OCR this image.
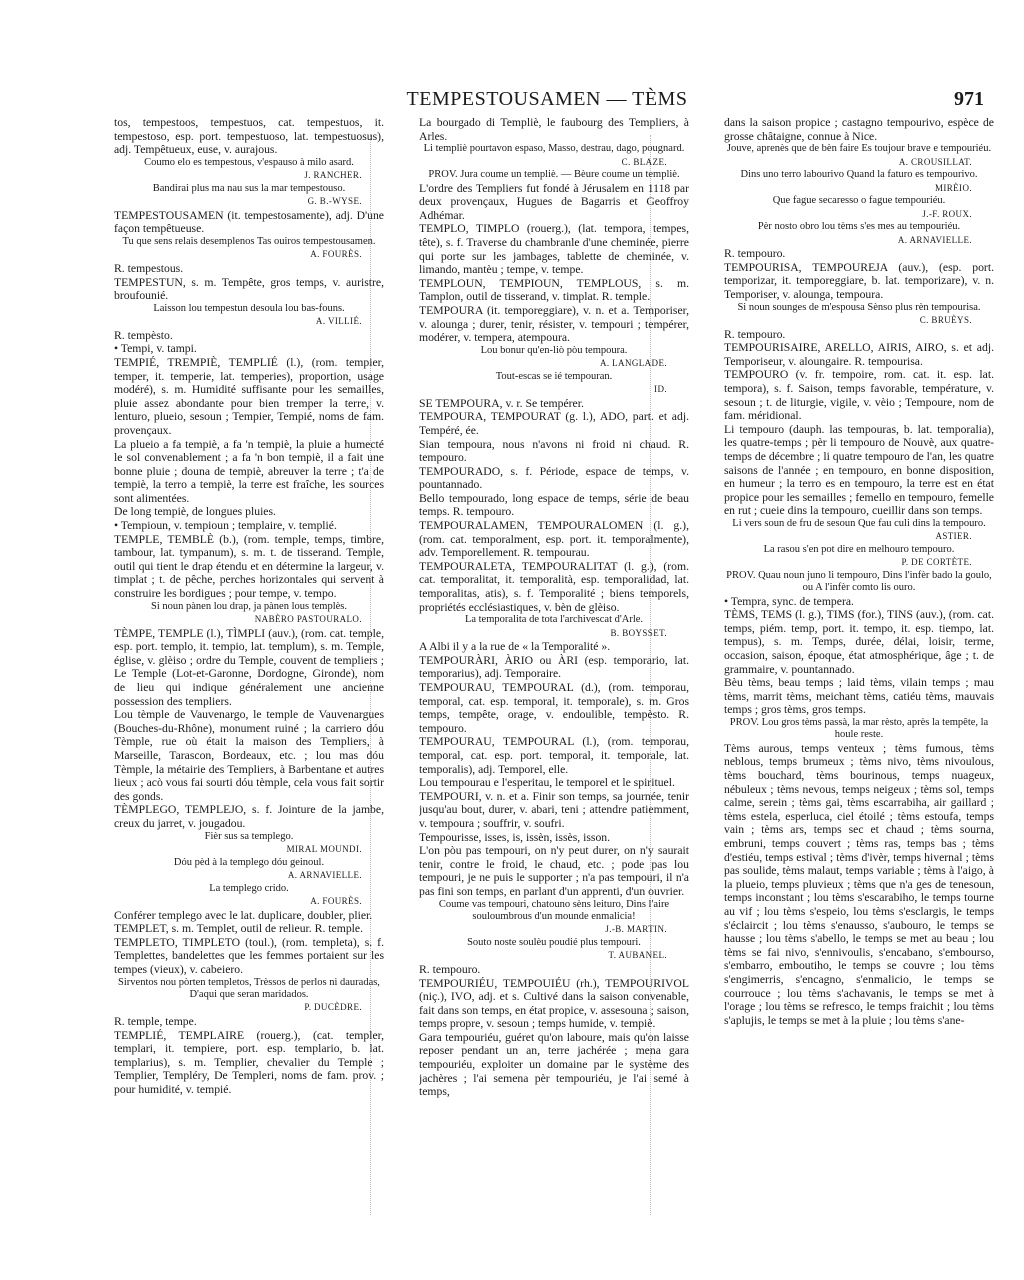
TEMPESTOUSAMEN — TÈMS	971

tos, tempestoos, tempestuos, cat. tempestuos, it. tempestoso, esp. port. tempestuoso, lat. tempestuosus), adj. Tempêtueux, euse, v. aurajous.

Coumo elo es tempestous, v'espauso à milo asard.

J. RANCHER.

Bandirai plus ma nau sus la mar tempestouso.

G. B.-WYSE.

TEMPESTOUSAMEN (it. tempestosamente), adj. D'une façon tempêtueuse.

Tu que sens relais desemplenos Tas ouiros tempestousamen.

A. FOURÈS.

R. tempestous.

TEMPESTUN, s. m. Tempête, gros temps, v. auristre, broufounié.

Laisson lou tempestun desoula lou bas-founs.

A. VILLIÉ.

R. tempèsto.

• Tempi, v. tampi.

TEMPIÉ, TREMPIÈ, TEMPLIÉ (l.), (rom. tempier, temper, it. temperie, lat. temperies), proportion, usage modéré), s. m. Humidité suffisante pour les semailles, pluie assez abondante pour bien tremper la terre, v. lenturo, plueio, sesoun ; Tempier, Tempié, noms de fam. provençaux.

La plueio a fa tempiè, a fa 'n tempiè, la pluie a humecté le sol convenablement ; a fa 'n bon tempiè, il a fait une bonne pluie ; douna de tempiè, abreuver la terre ; t'a de tempiè, la terro a tempiè, la terre est fraîche, les sources sont alimentées.

De long tempiè, de longues pluies.

• Tempioun, v. tempioun ; templaire, v. templié.

TEMPLE, TEMBLÈ (b.), (rom. temple, temps, timbre, tambour, lat. tympanum), s. m. t. de tisserand. Temple, outil qui tient le drap étendu et en détermine la largeur, v. timplat ; t. de pêche, perches horizontales qui servent à construire les bordigues ; pour tempe, v. tempo.

Si noun pànen lou drap, ja pànen lous templès.

NABÈRO PASTOURALO.

TÈMPE, TEMPLE (l.), TÌMPLI (auv.), (rom. cat. temple, esp. port. templo, it. tempio, lat. templum), s. m. Temple, église, v. glèiso ; ordre du Temple, couvent de templiers ; Le Temple (Lot-et-Garonne, Dordogne, Gironde), nom de lieu qui indique généralement une ancienne possession des templiers.

Lou tèmple de Vauvenargo, le temple de Vauvenargues (Bouches-du-Rhône), monument ruiné ; la carriero dóu Tèmple, rue où était la maison des Templiers, à Marseille, Tarascon, Bordeaux, etc. ; lou mas dóu Tèmple, la métairie des Templiers, à Barbentane et autres lieux ; acò vous fai sourti dóu tèmple, cela vous fait sortir des gonds.

TÈMPLEGO, TEMPLEJO, s. f. Jointure de la jambe, creux du jarret, v. jougadou.

Fièr sus sa templego.

MIRAL MOUNDI.

Dóu pèd à la templego dóu geinoul.

A. ARNAVIELLE.

La templego crido.

A. FOURÈS.

Conférer templego avec le lat. duplicare, doubler, plier.

TEMPLET, s. m. Templet, outil de relieur. R. temple.

TEMPLETO, TIMPLETO (toul.), (rom. templeta), s. f. Templettes, bandelettes que les femmes portaient sur les tempes (vieux), v. cabeiero.

Sirventos nou pòrten templetos, Trèssos de perlos ni dauradas, D'aqui que seran maridados.

P. DUCÈDRE.

R. temple, tempe.

TEMPLIÉ, TEMPLAIRE (rouerg.), (cat. templer, templari, it. tempiere, port. esp. templario, b. lat. templarius), s. m. Templier, chevalier du Temple ; Templier, Templéry, De Templeri, noms de fam. prov. ; pour humidité, v. tempié.

La bourgado di Templiè, le faubourg des Templiers, à Arles.

Li templiè pourtavon espaso, Masso, destrau, dago, pougnard.

C. BLAZE.

PROV. Jura coume un templiè. — Bèure coume un templiè.

L'ordre des Templiers fut fondé à Jérusalem en 1118 par deux provençaux, Hugues de Bagarris et Geoffroy Adhémar.

TEMPLO, TIMPLO (rouerg.), (lat. tempora, tempes, tête), s. f. Traverse du chambranle d'une cheminée, pierre qui porte sur les jambages, tablette de cheminée, v. limando, mantèu ; tempe, v. tempe.

TEMPLOUN, TEMPIOUN, TEMPLOUS, s. m. Tamplon, outil de tisserand, v. timplat. R. temple.

TEMPOURA (it. temporeggiare), v. n. et a. Temporiser, v. alounga ; durer, tenir, résister, v. tempouri ; tempérer, modérer, v. tempera, atempoura.

Lou bonur qu'en-liò pòu tempoura.

A. LANGLADE.

Tout-escas se ié tempouran.

ID.

SE TEMPOURA, v. r. Se tempérer.

TEMPOURA, TEMPOURAT (g. l.), ADO, part. et adj. Tempéré, ée.

Sian tempoura, nous n'avons ni froid ni chaud. R. tempouro.

TEMPOURADO, s. f. Période, espace de temps, v. pountannado.

Bello tempourado, long espace de temps, série de beau temps. R. tempouro.

TEMPOURALAMEN, TEMPOURALOMEN (l. g.), (rom. cat. temporalment, esp. port. it. temporalmente), adv. Temporellement. R. tempourau.

TEMPOURALETA, TEMPOURALITAT (l. g.), (rom. cat. temporalitat, it. temporalità, esp. temporalidad, lat. temporalitas, atis), s. f. Temporalité ; biens temporels, propriétés ecclésiastiques, v. bèn de glèiso.

La temporalita de tota l'archivescat d'Arle.

B. BOYSSET.

A Albi il y a la rue de « la Temporalité ».

TEMPOURÀRI, ÀRIO ou ÀRI (esp. temporario, lat. temporarius), adj. Temporaire.

TEMPOURAU, TEMPOURAL (d.), (rom. temporau, temporal, cat. esp. temporal, it. temporale), s. m. Gros temps, tempête, orage, v. endoulible, tempèsto. R. tempouro.

TEMPOURAU, TEMPOURAL (l.), (rom. temporau, temporal, cat. esp. port. temporal, it. temporale, lat. temporalis), adj. Temporel, elle.

Lou tempourau e l'esperitau, le temporel et le spirituel.

TEMPOURI, v. n. et a. Finir son temps, sa journée, tenir jusqu'au bout, durer, v. abari, teni ; attendre patiemment, v. tempoura ; souffrir, v. soufri.

Tempourisse, isses, is, issèn, issès, isson.

L'on pòu pas tempouri, on n'y peut durer, on n'y saurait tenir, contre le froid, le chaud, etc. ; pode pas lou tempouri, je ne puis le supporter ; n'a pas tempouri, il n'a pas fini son temps, en parlant d'un apprenti, d'un ouvrier.

Coume vas tempouri, chatouno sèns leituro, Dins l'aire souloumbrous d'un mounde enmalicia!

J.-B. MARTIN.

Souto noste soulèu poudié plus tempouri.

T. AUBANEL.

R. tempouro.

TEMPOURIÉU, TEMPOUIÉU (rh.), TEMPOURIVOL (niç.), IVO, adj. et s. Cultivé dans la saison convenable, fait dans son temps, en état propice, v. assesouna ; saison, temps propre, v. sesoun ; temps humide, v. tempiè.

Gara tempouriéu, guéret qu'on laboure, mais qu'on laisse reposer pendant un an, terre jachérée ; mena gara tempouriéu, exploiter un domaine par le système des jachères ; l'ai semena pèr tempouriéu, je l'ai semé à temps,

dans la saison propice ; castagno tempourivo, espèce de grosse châtaigne, connue à Nice.

Jouve, aprenès que de bèn faire Es toujour brave e tempouriéu.

A. CROUSILLAT.

Dins uno terro labourivo Quand la faturo es tempourivo.

MIRÈIO.

Que fague secaresso o fague tempouriéu.

J.-F. ROUX.

Pèr nosto obro lou tèms s'es mes au tempouriéu.

A. ARNAVIELLE.

R. tempouro.

TEMPOURISA, TEMPOUREJA (auv.), (esp. port. temporizar, it. temporeggiare, b. lat. temporizare), v. n. Temporiser, v. alounga, tempoura.

Si noun sounges de m'espousa Sènso plus rèn tempourisa.

C. BRUÈYS.

R. tempouro.

TEMPOURISAIRE, ARELLO, AIRIS, AIRO, s. et adj. Temporiseur, v. aloungaire. R. tempourisa.

TEMPOURO (v. fr. tempoire, rom. cat. it. esp. lat. tempora), s. f. Saison, temps favorable, température, v. sesoun ; t. de liturgie, vigile, v. vèio ; Tempoure, nom de fam. méridional.

Li tempouro (dauph. las tempouras, b. lat. temporalia), les quatre-temps ; pèr li tempouro de Nouvè, aux quatre-temps de décembre ; li quatre tempouro de l'an, les quatre saisons de l'année ; en tempouro, en bonne disposition, en humeur ; la terro es en tempouro, la terre est en état propice pour les semailles ; femello en tempouro, femelle en rut ; cueie dins la tempouro, cueillir dans son temps.

Li vers soun de fru de sesoun Que fau culi dins la tempouro.

ASTIER.

La rasou s'en pot dire en melhouro tempouro.

P. DE CORTÈTE.

PROV. Quau noun juno li tempouro, Dins l'infèr bado la goulo, ou A l'infèr comto lis ouro.

• Tempra, sync. de tempera.

TÈMS, TEMS (l. g.), TIMS (for.), TINS (auv.), (rom. cat. temps, piém. temp, port. it. tempo, it. esp. tiempo, lat. tempus), s. m. Temps, durée, délai, loisir, terme, occasion, saison, époque, état atmosphérique, âge ; t. de grammaire, v. pountannado.

Bèu tèms, beau temps ; laid tèms, vilain temps ; mau tèms, marrit tèms, meichant tèms, catiéu tèms, mauvais temps ; gros tèms, gros temps.

PROV. Lou gros tèms passà, la mar rèsto, après la tempête, la houle reste.

Tèms aurous, temps venteux ; tèms fumous, tèms neblous, temps brumeux ; tèms nivo, tèms nivoulous, tèms bouchard, tèms bourinous, temps nuageux, nébuleux ; tèms nevous, temps neigeux ; tèms sol, temps calme, serein ; tèms gai, tèms escarrabiha, air gaillard ; tèms estela, esperluca, ciel étoilé ; tèms estoufa, temps vain ; tèms ars, temps sec et chaud ; tèms sourna, embruni, temps couvert ; tèms ras, temps bas ; tèms d'estiéu, temps estival ; tèms d'ivèr, temps hivernal ; tèms pas soulide, tèms malaut, temps variable ; tèms à l'aigo, à la plueio, temps pluvieux ; tèms que n'a ges de tenesoun, temps inconstant ; lou tèms s'escarabiho, le temps tourne au vif ; lou tèms s'espeio, lou tèms s'esclargis, le temps s'éclaircit ; lou tèms s'enausso, s'aubouro, le temps se hausse ; lou tèms s'abello, le temps se met au beau ; lou tèms se fai nivo, s'ennivoulis, s'encabano, s'embourso, s'embarro, emboutiho, le temps se couvre ; lou tèms s'engimerris, s'encagno, s'enmalicio, le temps se courrouce ; lou tèms s'achavanis, le temps se met à l'orage ; lou tèms se refresco, le temps fraichit ; lou tèms s'aplujis, le temps se met à la pluie ; lou tèms s'ane-
